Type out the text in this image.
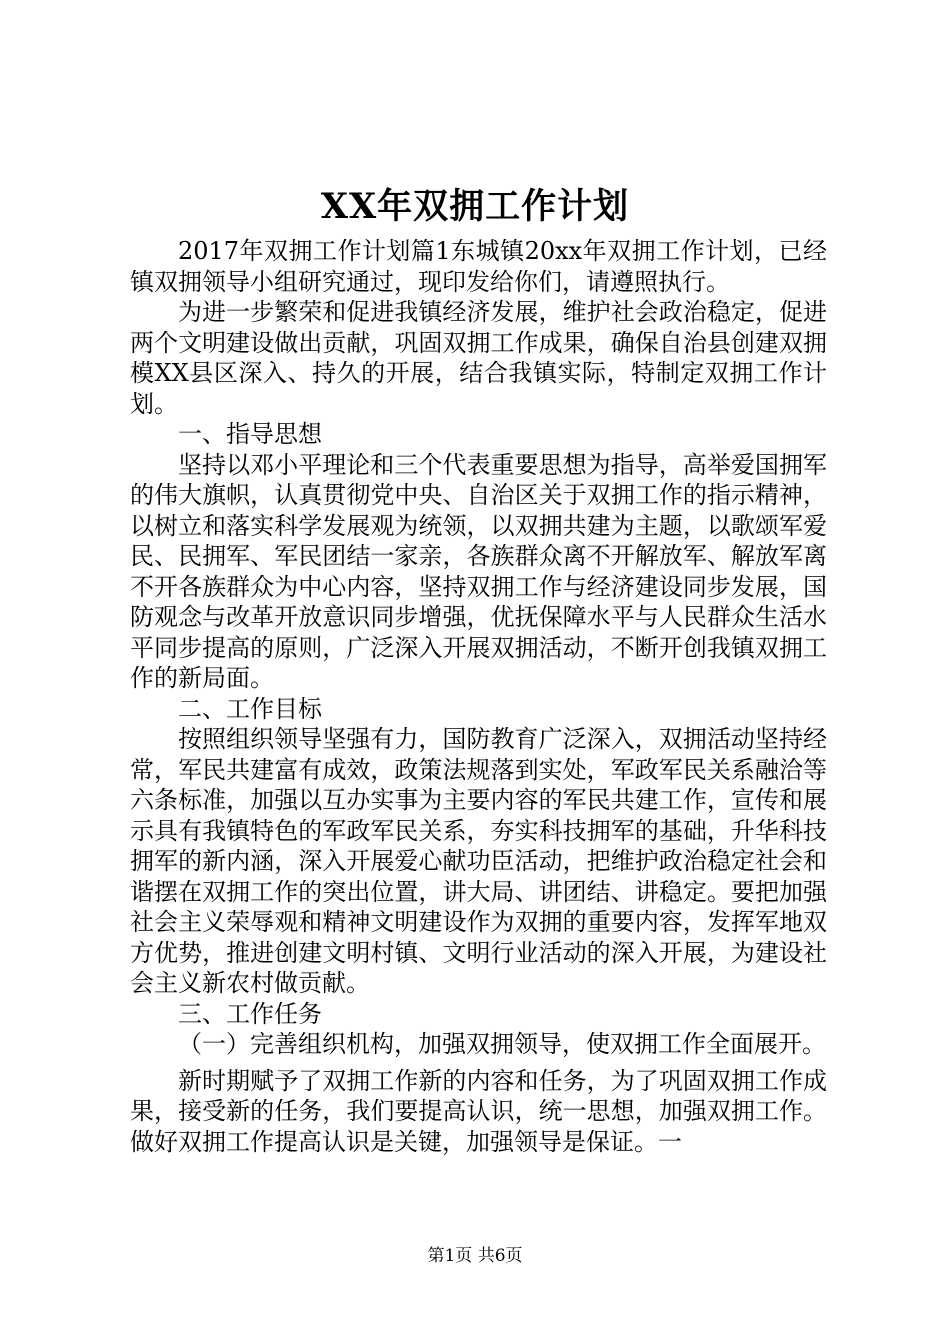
XX年双拥工作计划

2017年双拥工作计划篇1东城镇20xx年双拥工作计划，已经镇双拥领导小组研究通过，现印发给你们，请遵照执行。

为进一步繁荣和促进我镇经济发展，维护社会政治稳定，促进两个文明建设做出贡献，巩固双拥工作成果，确保自治县创建双拥模XX县区深入、持久的开展，结合我镇实际，特制定双拥工作计划。

一、指导思想

坚持以邓小平理论和三个代表重要思想为指导，高举爱国拥军的伟大旗帜，认真贯彻党中央、自治区关于双拥工作的指示精神，以树立和落实科学发展观为统领，以双拥共建为主题，以歌颂军爱民、民拥军、军民团结一家亲，各族群众离不开解放军、解放军离不开各族群众为中心内容，坚持双拥工作与经济建设同步发展，国防观念与改革开放意识同步增强，优抚保障水平与人民群众生活水平同步提高的原则，广泛深入开展双拥活动，不断开创我镇双拥工作的新局面。

二、工作目标

按照组织领导坚强有力，国防教育广泛深入，双拥活动坚持经常，军民共建富有成效，政策法规落到实处，军政军民关系融洽等六条标准，加强以互办实事为主要内容的军民共建工作，宣传和展示具有我镇特色的军政军民关系，夯实科技拥军的基础，升华科技拥军的新内涵，深入开展爱心献功臣活动，把维护政治稳定社会和谐摆在双拥工作的突出位置，讲大局、讲团结、讲稳定。要把加强社会主义荣辱观和精神文明建设作为双拥的重要内容，发挥军地双方优势，推进创建文明村镇、文明行业活动的深入开展，为建设社会主义新农村做贡献。

三、工作任务

（一）完善组织机构，加强双拥领导，使双拥工作全面展开。

新时期赋予了双拥工作新的内容和任务，为了巩固双拥工作成果，接受新的任务，我们要提高认识，统一思想，加强双拥工作。做好双拥工作提高认识是关键，加强领导是保证。一

第1页 共6页
